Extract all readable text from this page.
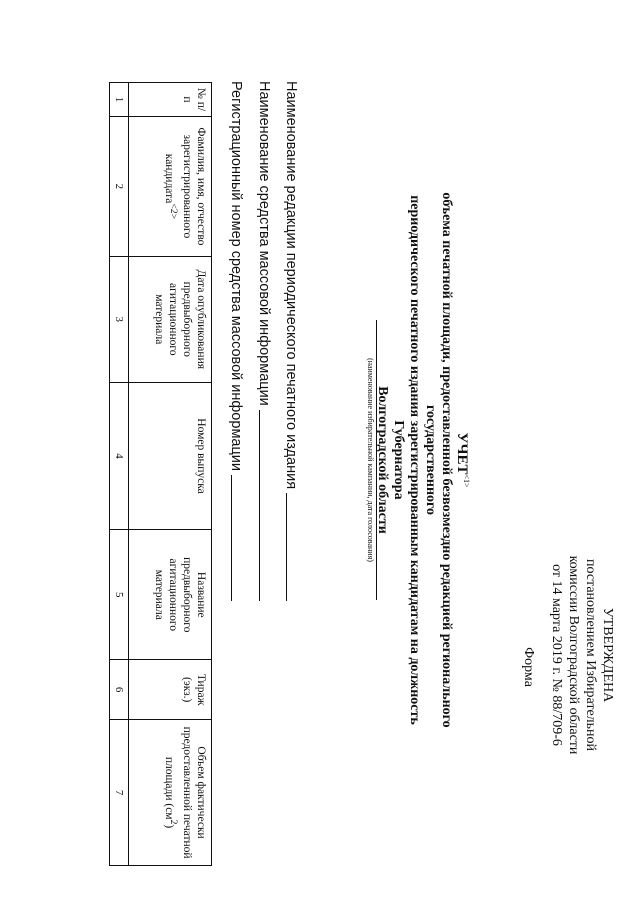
УТВЕРЖДЕНА
постановлением Избирательной
комиссии Волгоградской области
от 14 марта 2019 г. № 88/709-6
Форма
$УЧЕТ^{<1>}$
объема печатной площади, предоставленной безвозмездно редакцией регионального государственного
периодического печатного издания зарегистрированным кандидатам на должность Губернатора
Волгоградской области
(наименование избирательной кампании, дата голосования)
Наименование редакции периодического печатного издания
Наименование средства массовой информации
Регистрационный номер средства массовой информации
№ п/п	Фамилия, имя, отчество зарегистрированного кандидата$^{<2>}$	Дата опубликования предвыборного агитационного материала	Номер выпуска	Название предвыборного агитационного материала	Тираж (экз.)	Объем фактически предоставленной печатной площади $(см^2)$
1	2	3	4	5	6	7
